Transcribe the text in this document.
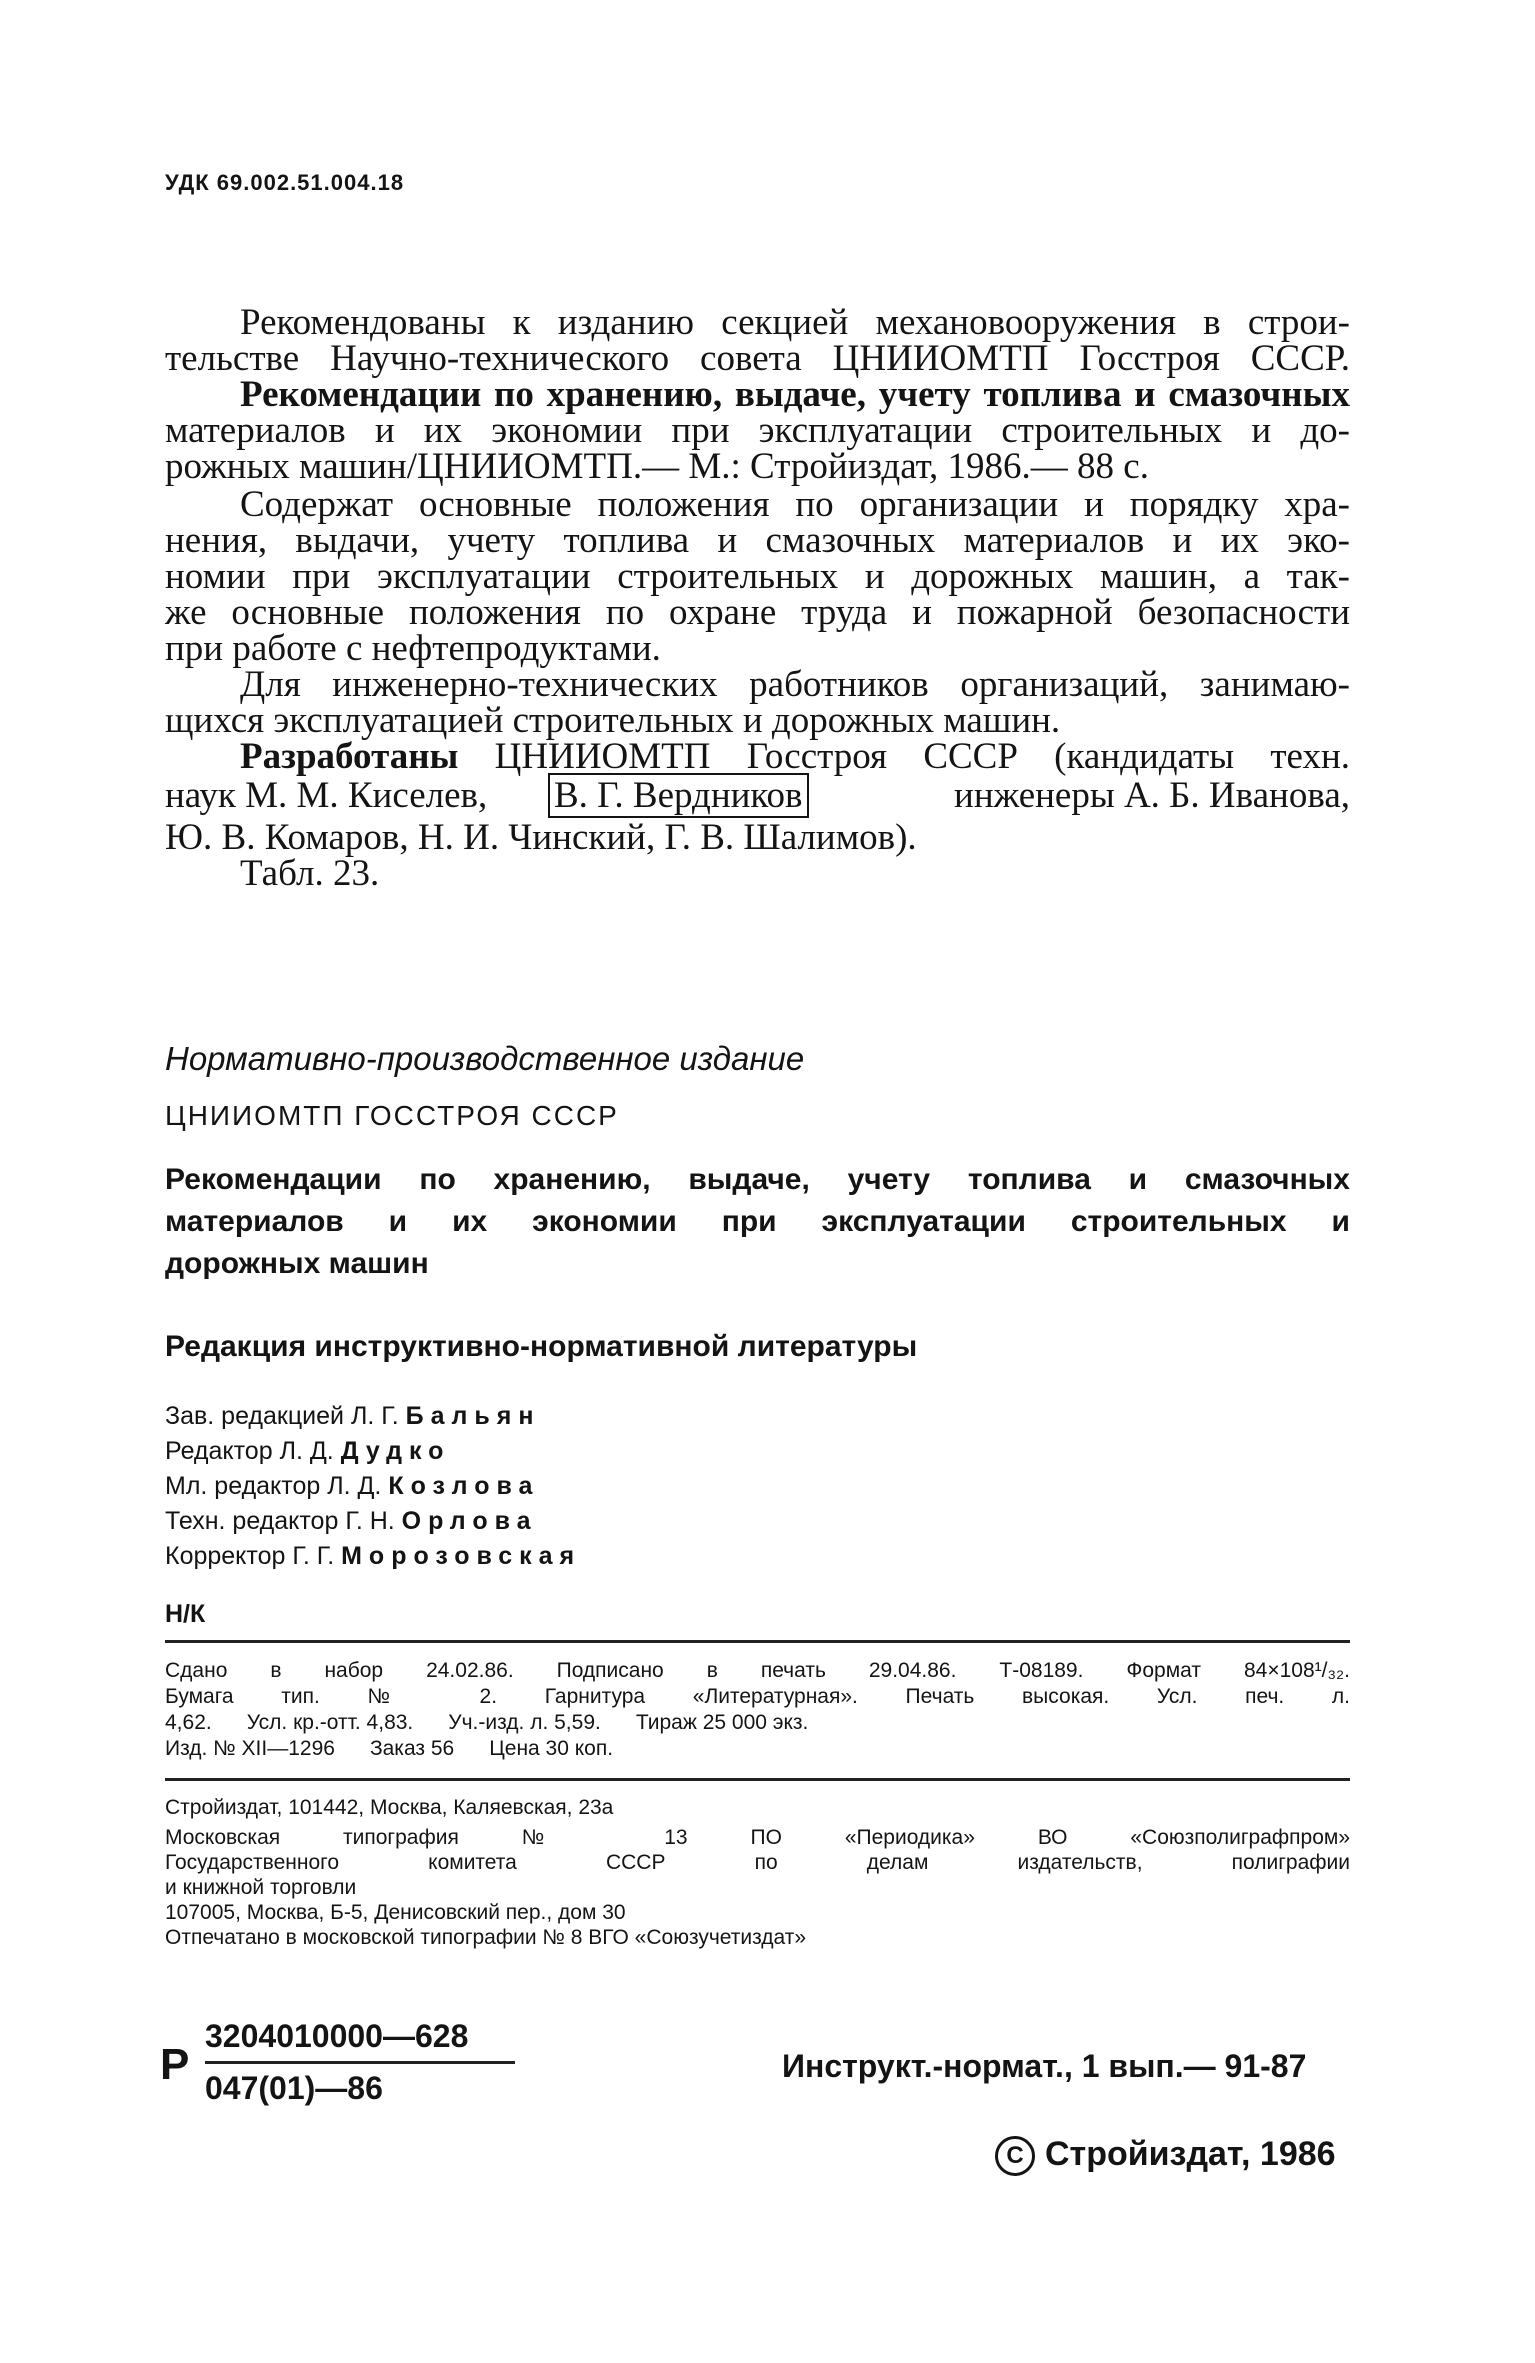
УДК 69.002.51.004.18
Рекомендованы к изданию секцией механовооружения в строи-
тельстве Научно-технического совета ЦНИИОМТП Госстроя СССР.
Рекомендации по хранению, выдаче, учету топлива и смазочных
материалов и их экономии при эксплуатации строительных и до-
рожных машин/ЦНИИОМТП.— М.: Стройиздат, 1986.— 88 с.
Содержат основные положения по организации и порядку хра-
нения, выдачи, учету топлива и смазочных материалов и их эко-
номии при эксплуатации строительных и дорожных машин, а так-
же основные положения по охране труда и пожарной безопасности
при работе с нефтепродуктами.
Для инженерно-технических работников организаций, занимаю-
щихся эксплуатацией строительных и дорожных машин.
Разработаны ЦНИИОМТП Госстроя СССР (кандидаты техн.
наук М. М. Киселев,	В. Г. Вердников	инженеры А. Б. Иванова,
Ю. В. Комаров, Н. И. Чинский, Г. В. Шалимов).
Табл. 23.
Нормативно-производственное издание
ЦНИИОМТП ГОССТРОЯ СССР
Рекомендации по хранению, выдаче, учету топлива и смазочных
материалов и их экономии при эксплуатации строительных и
дорожных машин
Редакция инструктивно-нормативной литературы
Зав. редакцией Л. Г. Бальян
Редактор Л. Д. Дудко
Мл. редактор Л. Д. Козлова
Техн. редактор Г. Н. Орлова
Корректор Г. Г. Морозовская
Н/К
Сдано в набор 24.02.86. Подписано в печать 29.04.86. Т-08189. Формат 84×108¹/₃₂.
Бумага тип. № 2. Гарнитура «Литературная». Печать высокая. Усл. печ. л.
4,62.      Усл. кр.-отт. 4,83.      Уч.-изд. л. 5,59.      Тираж 25 000 экз.
Изд. № XII—1296      Заказ 56      Цена 30 коп.
Стройиздат, 101442, Москва, Каляевская, 23а
Московская типография № 13 ПО «Периодика» ВО «Союзполиграфпром»
Государственного комитета СССР по делам издательств, полиграфии
и книжной торговли
107005, Москва, Б-5, Денисовский пер., дом 30
Отпечатано в московской типографии № 8 ВГО «Союзучетиздат»
Р
3204010000—628
047(01)—86
Инструкт.-нормат., 1 вып.— 91-87
C Стройиздат, 1986
